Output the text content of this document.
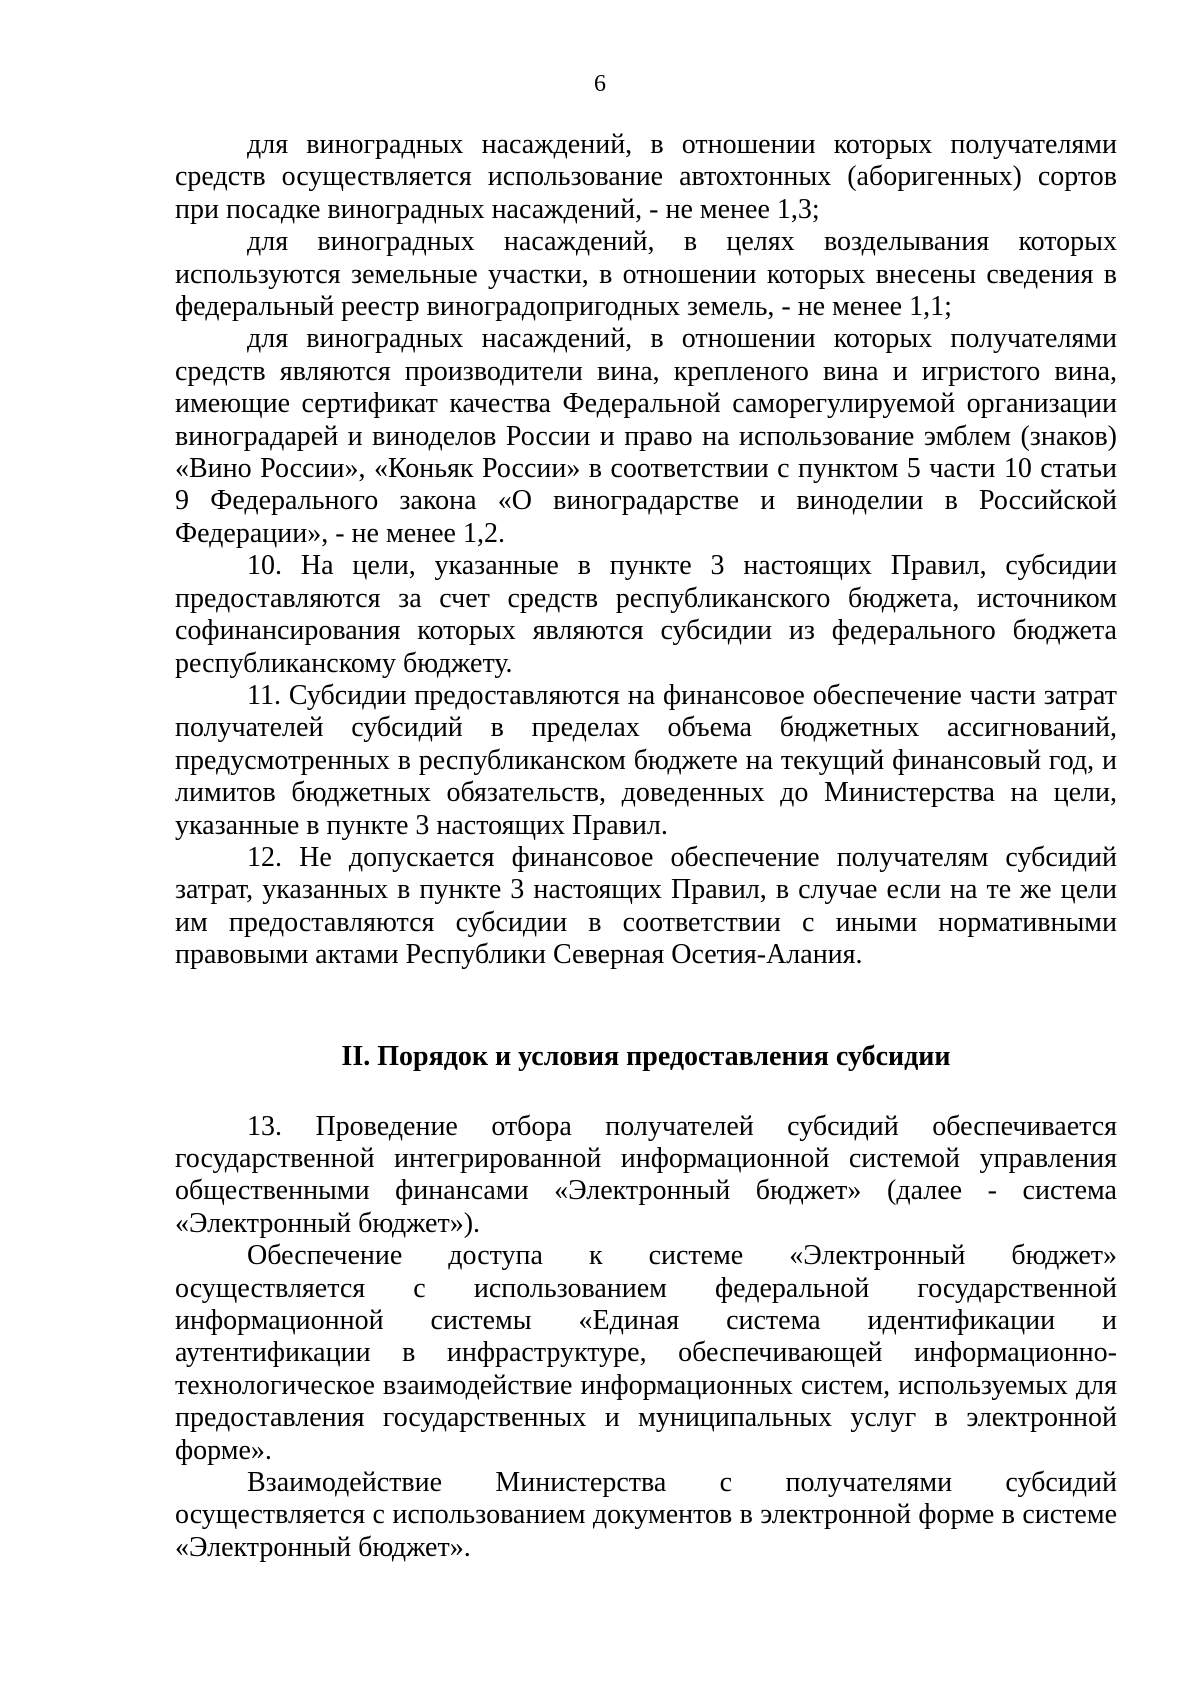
6

для виноградных насаждений, в отношении которых получателями средств осуществляется использование автохтонных (аборигенных) сортов при посадке виноградных насаждений, - не менее 1,3;

для виноградных насаждений, в целях возделывания которых используются земельные участки, в отношении которых внесены сведения в федеральный реестр виноградопригодных земель, - не менее 1,1;

для виноградных насаждений, в отношении которых получателями средств являются производители вина, крепленого вина и игристого вина, имеющие сертификат качества Федеральной саморегулируемой организации виноградарей и виноделов России и право на использование эмблем (знаков) «Вино России», «Коньяк России» в соответствии с пунктом 5 части 10 статьи 9 Федерального закона «О виноградарстве и виноделии в Российской Федерации», - не менее 1,2.

10. На цели, указанные в пункте 3 настоящих Правил, субсидии предоставляются за счет средств республиканского бюджета, источником софинансирования которых являются субсидии из федерального бюджета республиканскому бюджету.

11. Субсидии предоставляются на финансовое обеспечение части затрат получателей субсидий в пределах объема бюджетных ассигнований, предусмотренных в республиканском бюджете на текущий финансовый год, и лимитов бюджетных обязательств, доведенных до Министерства на цели, указанные в пункте 3 настоящих Правил.

12. Не допускается финансовое обеспечение получателям субсидий затрат, указанных в пункте 3 настоящих Правил, в случае если на те же цели им предоставляются субсидии в соответствии с иными нормативными правовыми актами Республики Северная Осетия-Алания.

II. Порядок и условия предоставления субсидии

13. Проведение отбора получателей субсидий обеспечивается государственной интегрированной информационной системой управления общественными финансами «Электронный бюджет» (далее - система «Электронный бюджет»).

Обеспечение доступа к системе «Электронный бюджет» осуществляется с использованием федеральной государственной информационной системы «Единая система идентификации и аутентификации в инфраструктуре, обеспечивающей информационно-технологическое взаимодействие информационных систем, используемых для предоставления государственных и муниципальных услуг в электронной форме».

Взаимодействие Министерства с получателями субсидий осуществляется с использованием документов в электронной форме в системе «Электронный бюджет».
